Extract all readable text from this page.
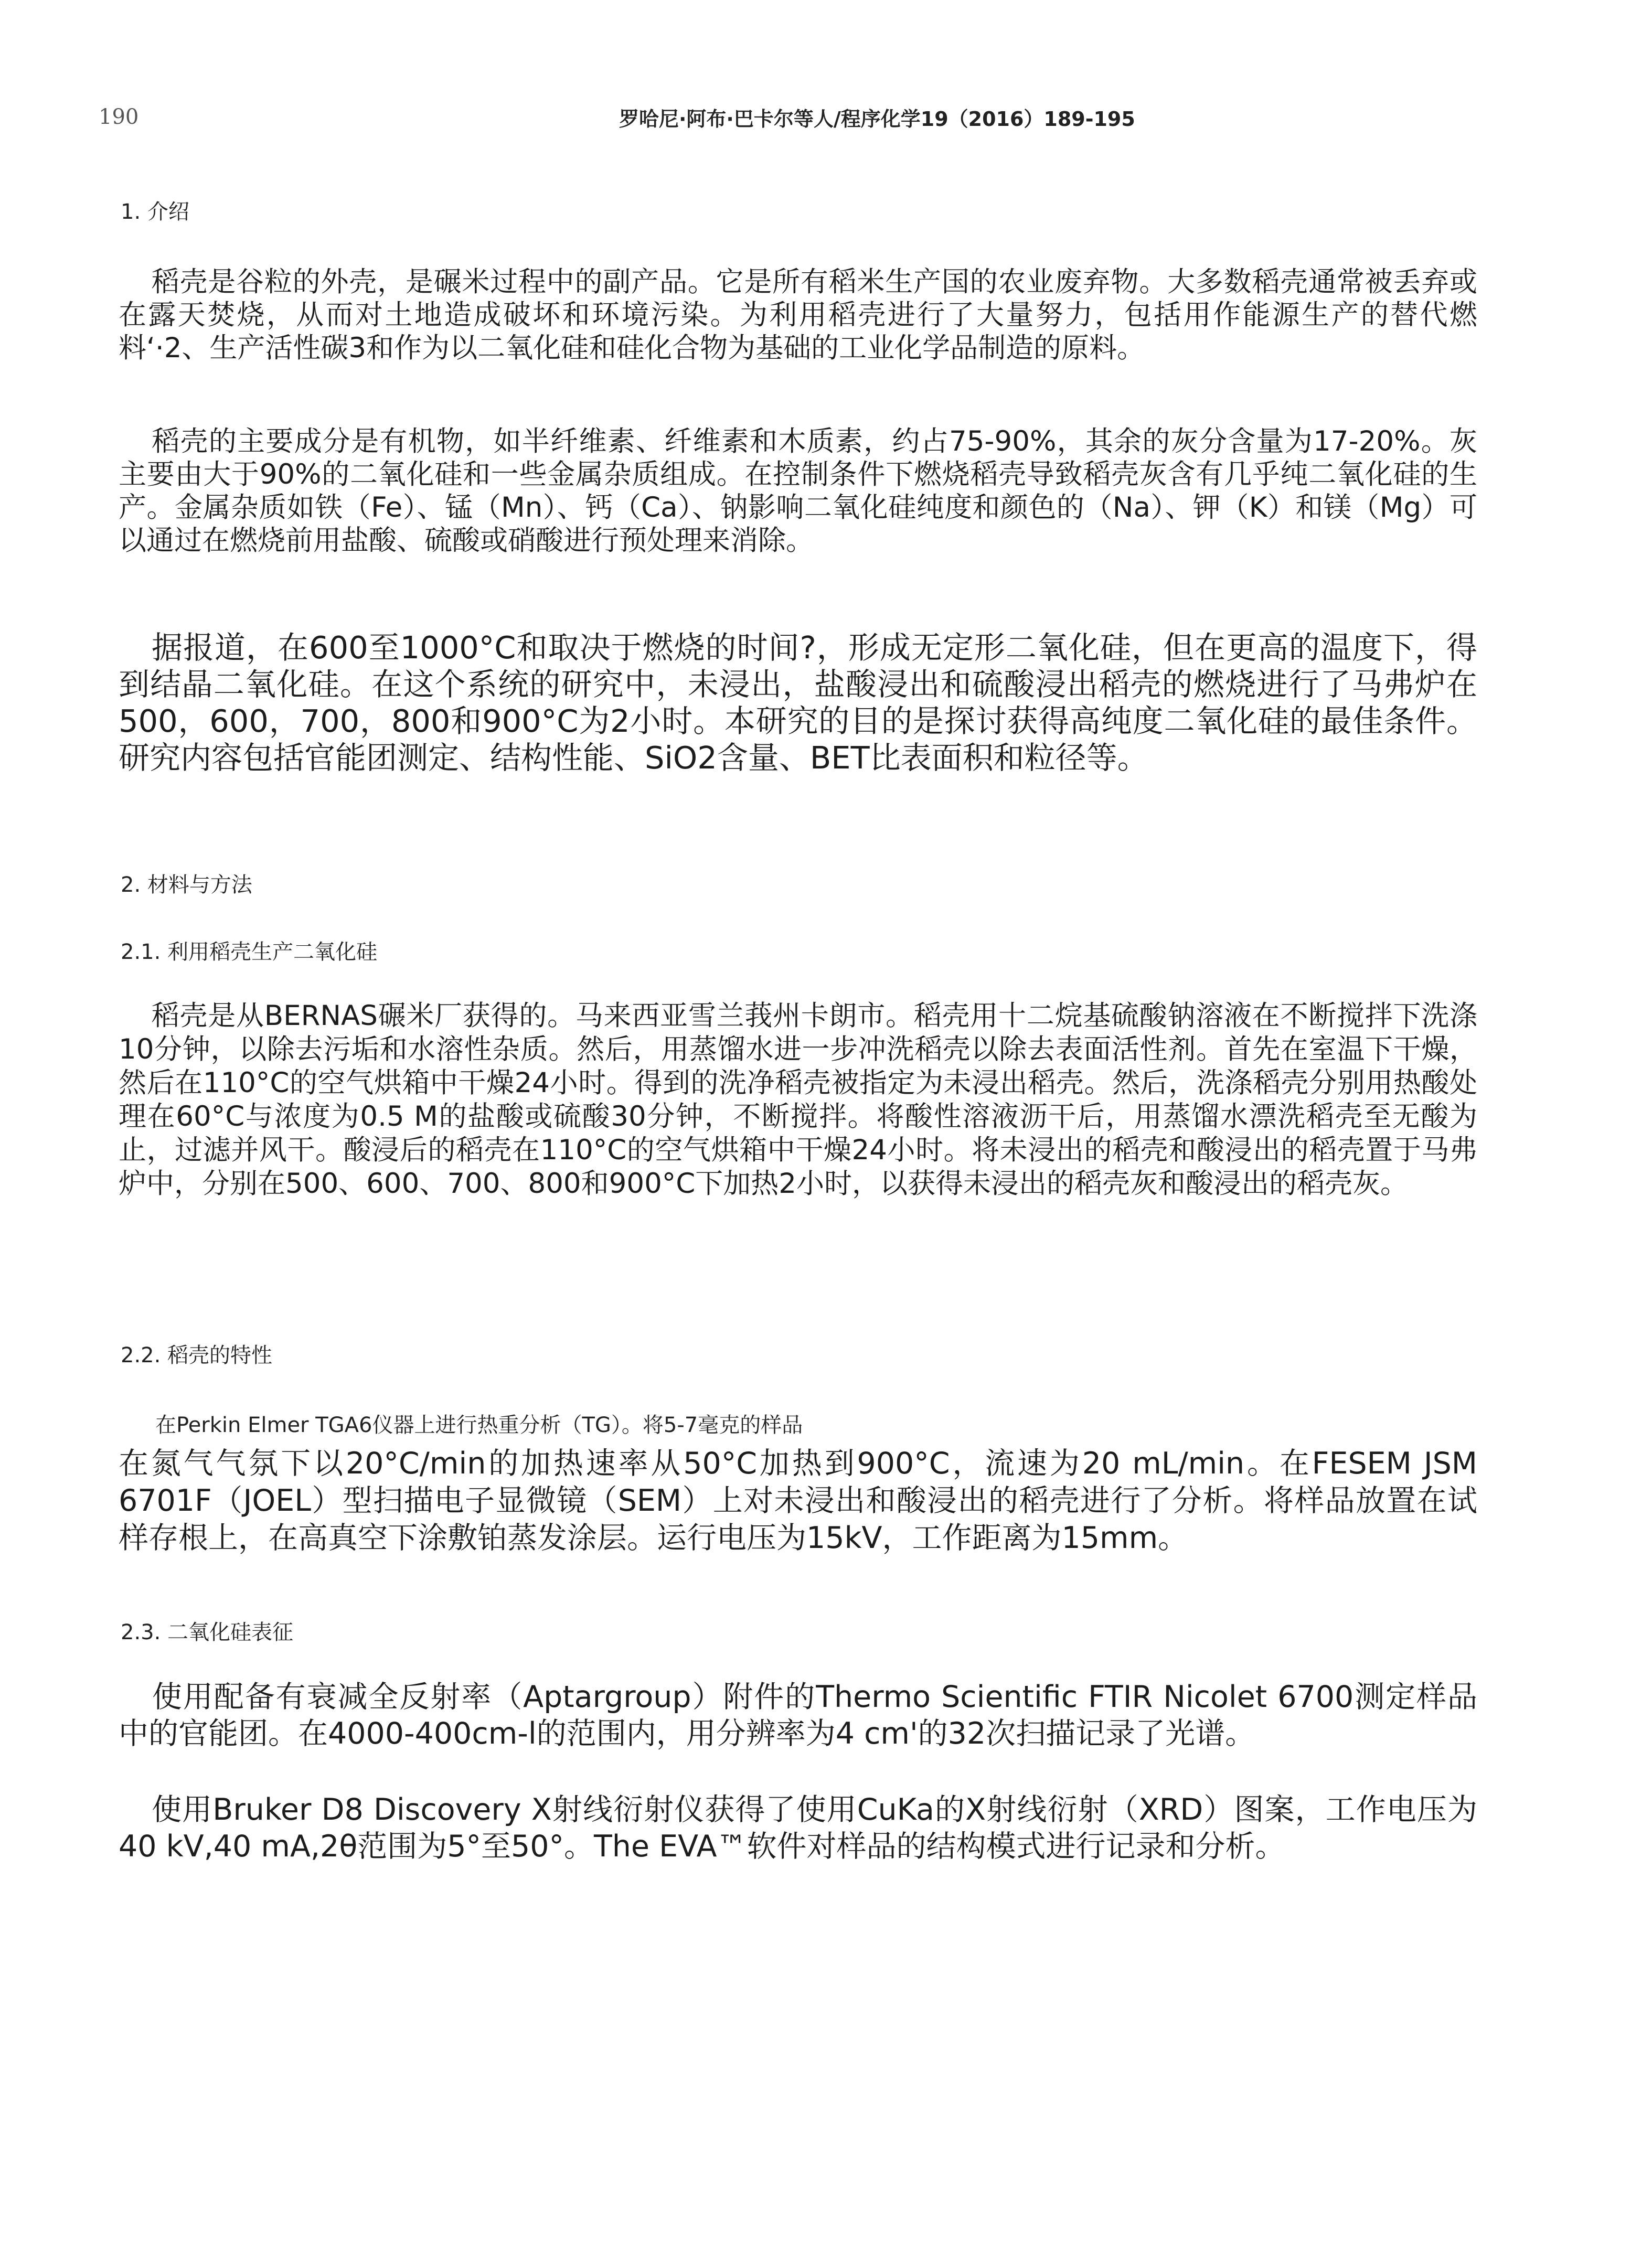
190	罗哈尼·阿布·巴卡尔等人/程序化学19（2016）189-195
1. 介绍

稻壳是谷粒的外壳，是碾米过程中的副产品。它是所有稻米生产国的农业废弃物。大多数稻壳通常被丢弃或在露天焚烧，从而对土地造成破坏和环境污染。为利用稻壳进行了大量努力，包括用作能源生产的替代燃料‘·2、生产活性碳3和作为以二氧化硅和硅化合物为基础的工业化学品制造的原料。

稻壳的主要成分是有机物，如半纤维素、纤维素和木质素，约占75-90%，其余的灰分含量为17-20%。灰主要由大于90%的二氧化硅和一些金属杂质组成。在控制条件下燃烧稻壳导致稻壳灰含有几乎纯二氧化硅的生产。金属杂质如铁（Fe）、锰（Mn）、钙（Ca）、钠影响二氧化硅纯度和颜色的（Na）、钾（K）和镁（Mg）可以通过在燃烧前用盐酸、硫酸或硝酸进行预处理来消除。

据报道，在600至1000°C和取决于燃烧的时间?，形成无定形二氧化硅，但在更高的温度下，得到结晶二氧化硅。在这个系统的研究中，未浸出，盐酸浸出和硫酸浸出稻壳的燃烧进行了马弗炉在500，600，700，800和900°C为2小时。本研究的目的是探讨获得高纯度二氧化硅的最佳条件。研究内容包括官能团测定、结构性能、SiO2含量、BET比表面积和粒径等。

2. 材料与方法
2.1. 利用稻壳生产二氧化硅

稻壳是从BERNAS碾米厂获得的。马来西亚雪兰莪州卡朗市。稻壳用十二烷基硫酸钠溶液在不断搅拌下洗涤10分钟，以除去污垢和水溶性杂质。然后，用蒸馏水进一步冲洗稻壳以除去表面活性剂。首先在室温下干燥，然后在110°C的空气烘箱中干燥24小时。得到的洗净稻壳被指定为未浸出稻壳。然后，洗涤稻壳分别用热酸处理在60°C与浓度为0.5 M的盐酸或硫酸30分钟，不断搅拌。将酸性溶液沥干后，用蒸馏水漂洗稻壳至无酸为止，过滤并风干。酸浸后的稻壳在110°C的空气烘箱中干燥24小时。将未浸出的稻壳和酸浸出的稻壳置于马弗炉中，分别在500、600、700、800和900°C下加热2小时，以获得未浸出的稻壳灰和酸浸出的稻壳灰。

2.2. 稻壳的特性
在Perkin Elmer TGA6仪器上进行热重分析（TG）。将5-7毫克的样品

在氮气气氛下以20°C/min的加热速率从50°C加热到900°C，流速为20 mL/min。在FESEM JSM 6701F（JOEL）型扫描电子显微镜（SEM）上对未浸出和酸浸出的稻壳进行了分析。将样品放置在试样存根上，在高真空下涂敷铂蒸发涂层。运行电压为15kV，工作距离为15mm。

2.3. 二氧化硅表征

使用配备有衰减全反射率（Aptargroup）附件的Thermo Scientific FTIR Nicolet 6700测定样品中的官能团。在4000-400cm-l的范围内，用分辨率为4 cm'的32次扫描记录了光谱。

使用Bruker D8 Discovery X射线衍射仪获得了使用CuKa的X射线衍射（XRD）图案，工作电压为40 kV,40 mA,2θ范围为5°至50°。The EVA™软件对样品的结构模式进行记录和分析。
